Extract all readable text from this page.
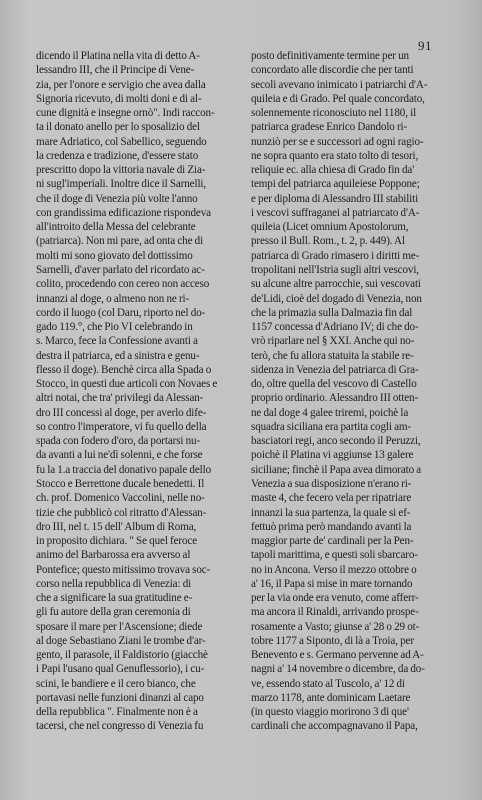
91
dicendo il Platina nella vita di detto A-
lessandro III, che il Principe di Vene-
zia, per l'onore e servigio che avea dalla
Signoria ricevuto, di molti doni e di al-
cune dignità e insegne ornò". Indi raccon-
ta il donato anello per lo sposalizio del
mare Adriatico, col Sabellico, seguendo
la credenza e tradizione, d'essere stato
prescritto dopo la vittoria navale di Zia-
ni sugl'imperiali. Inoltre dice il Sarnelli,
che il doge di Venezia più volte l'anno
con grandissima edificazione rispondeva
all'introito della Messa del celebrante
(patriarca). Non mi pare, ad onta che di
molti mi sono giovato del dottissimo
Sarnelli, d'aver parlato del ricordato ac-
colito, procedendo con cereo non acceso
innanzi al doge, o almeno non ne ri-
cordo il luogo (col Daru, riporto nel do-
gado 119.°, che Pio VI celebrando in
s. Marco, fece la Confessione avanti a
destra il patriarca, ed a sinistra e genu-
flesso il doge). Benchè circa alla Spada o
Stocco, in questi due articoli con Novaes e
altri notai, che tra' privilegi da Alessan-
dro III concessi al doge, per averlo dife-
so contro l'imperatore, vi fu quello della
spada con fodero d'oro, da portarsi nu-
da avanti a lui ne'dì solenni, e che forse
fu la 1.a traccia del donativo papale dello
Stocco e Berrettone ducale benedetti. Il
ch. prof. Domenico Vaccolini, nelle no-
tizie che pubblicò col ritratto d'Alessan-
dro III, nel t. 15 dell' Album di Roma,
in proposito dichiara. " Se quel feroce
animo del Barbarossa era avverso al
Pontefice; questo mitissimo trovava soc-
corso nella repubblica di Venezia: di
che a significare la sua gratitudine e-
gli fu autore della gran ceremonia di
sposare il mare per l'Ascensione; diede
al doge Sebastiano Ziani le trombe d'ar-
gento, il parasole, il Faldistorio (giacchè
i Papi l'usano qual Genuflessorio), i cu-
scini, le bandiere e il cero bianco, che
portavasi nelle funzioni dinanzi al capo
della repubblica ". Finalmente non è a
tacersi, che nel congresso di Venezia fu
posto definitivamente termine per un
concordato alle discordie che per tanti
secoli avevano inimicato i patriarchi d'A-
quileia e di Grado. Pel quale concordato,
solennemente riconosciuto nel 1180, il
patriarca gradese Enrico Dandolo ri-
nunziò per se e successori ad ogni ragio-
ne sopra quanto era stato tolto di tesori,
reliquie ec. alla chiesa di Grado fin da'
tempi del patriarca aquileiese Poppone;
e per diploma di Alessandro III stabiliti
i vescovi suffraganei al patriarcato d'A-
quileia (Licet omnium Apostolorum,
presso il Bull. Rom., t. 2, p. 449). Al
patriarca di Grado rimasero i diritti me-
tropolitani nell'Istria sugli altri vescovi,
su alcune altre parrocchie, sui vescovati
de'Lidi, cioè del dogado di Venezia, non
che la primazia sulla Dalmazia fin dal
1157 concessa d'Adriano IV; di che do-
vrò riparlare nel § XXI. Anche qui no-
terò, che fu allora statuita la stabile re-
sidenza in Venezia del patriarca di Gra-
do, oltre quella del vescovo di Castello
proprio ordinario. Alessandro III otten-
ne dal doge 4 galee triremi, poichè la
squadra siciliana era partita cogli am-
basciatori regi, anco secondo il Peruzzi,
poichè il Platina vi aggiunse 13 galere
siciliane; finchè il Papa avea dimorato a
Venezia a sua disposizione n'erano ri-
maste 4, che fecero vela per ripatriare
innanzi la sua partenza, la quale si ef-
fettuò prima però mandando avanti la
maggior parte de' cardinali per la Pen-
tapoli marittima, e questi soli sbarcaro-
no in Ancona. Verso il mezzo ottobre o
a' 16, il Papa si mise in mare tornando
per la via onde era venuto, come afferr-
ma ancora il Rinaldi, arrivando prospe-
rosamente a Vasto; giunse a' 28 o 29 ot-
tobre 1177 a Siponto, di là a Troia, per
Benevento e s. Germano pervenne ad A-
nagni a' 14 novembre o dicembre, da do-
ve, essendo stato al Tuscolo, a' 12 di
marzo 1178, ante dominicam Laetare
(in questo viaggio morirono 3 di que'
cardinali che accompagnavano il Papa,
